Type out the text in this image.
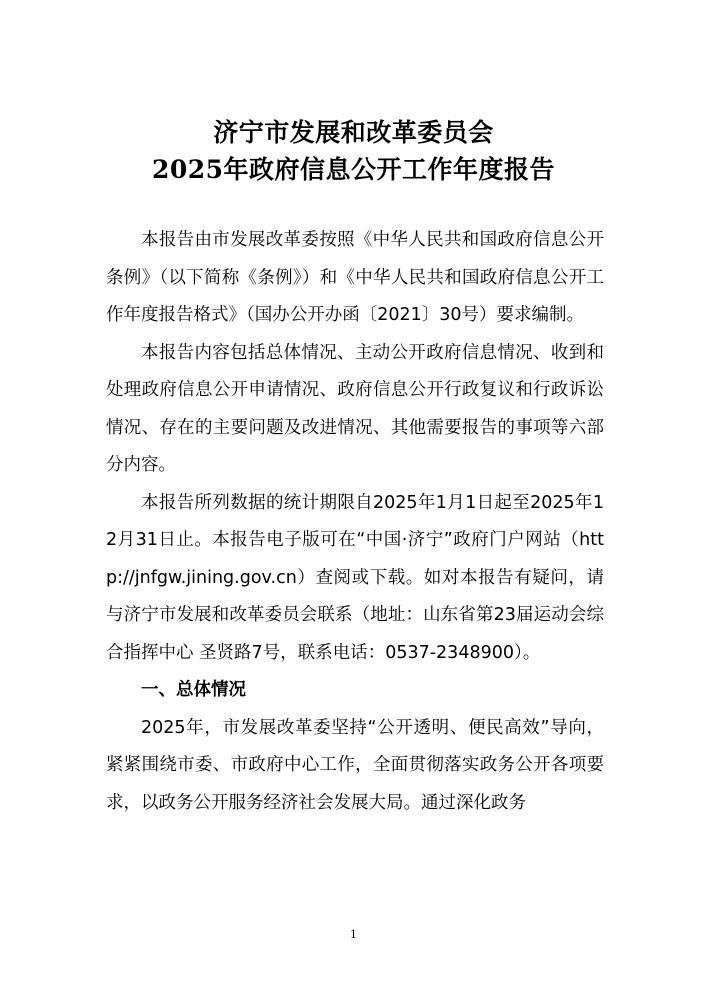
济宁市发展和改革委员会
2025年政府信息公开工作年度报告

本报告由市发展改革委按照《中华人民共和国政府信息公开条例》（以下简称《条例》）和《中华人民共和国政府信息公开工作年度报告格式》（国办公开办函〔2021〕30号）要求编制。

本报告内容包括总体情况、主动公开政府信息情况、收到和处理政府信息公开申请情况、政府信息公开行政复议和行政诉讼情况、存在的主要问题及改进情况、其他需要报告的事项等六部分内容。

本报告所列数据的统计期限自2025年1月1日起至2025年12月31日止。本报告电子版可在“中国·济宁”政府门户网站（http://jnfgw.jining.gov.cn）查阅或下载。如对本报告有疑问，请与济宁市发展和改革委员会联系（地址：山东省第23届运动会综合指挥中心 圣贤路7号，联系电话：0537-2348900）。

一、总体情况

2025年，市发展改革委坚持“公开透明、便民高效”导向，紧紧围绕市委、市政府中心工作，全面贯彻落实政务公开各项要求，以政务公开服务经济社会发展大局。通过深化政务

1
